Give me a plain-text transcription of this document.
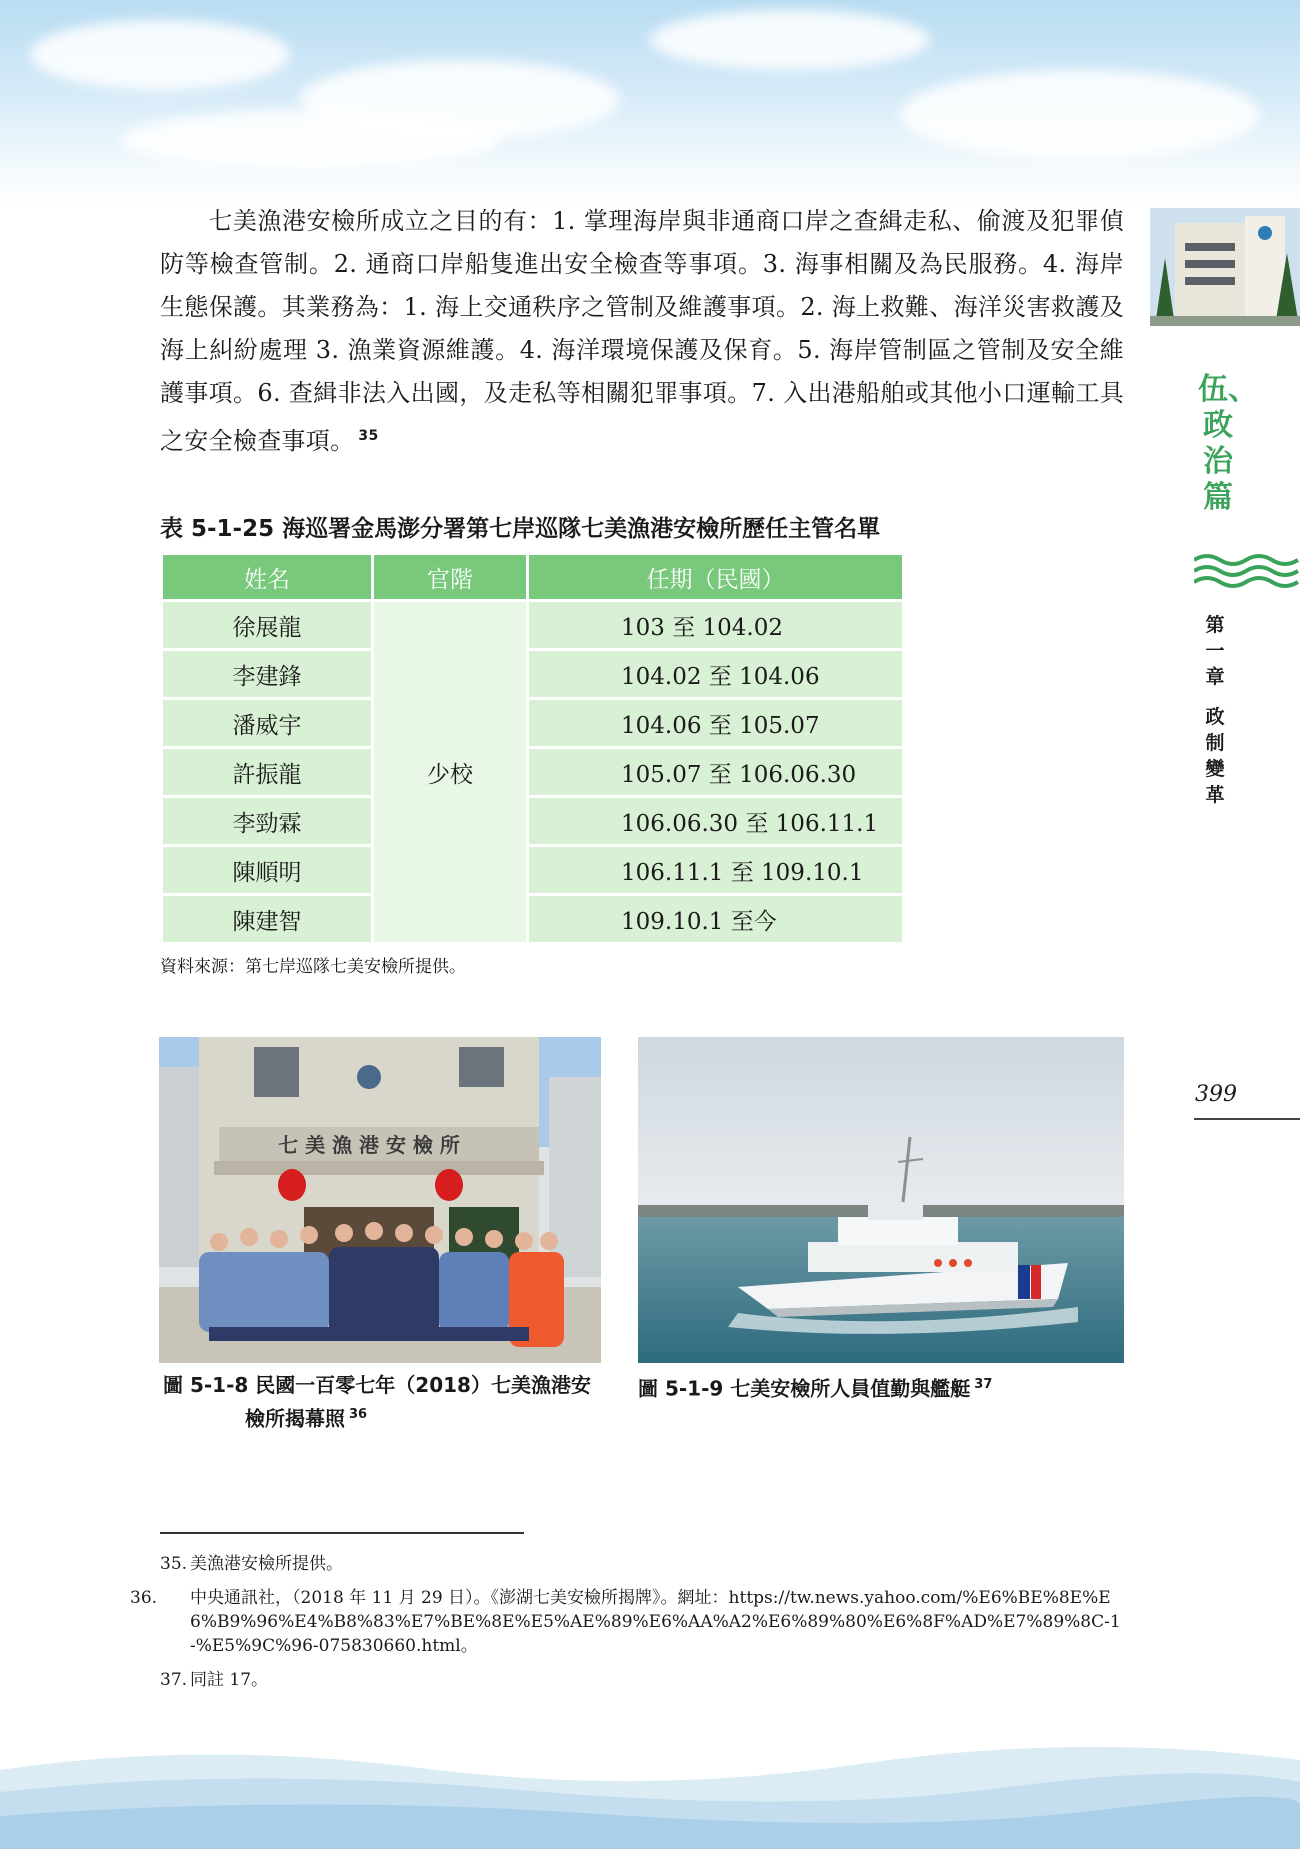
七美漁港安檢所成立之目的有：1. 掌理海岸與非通商口岸之查緝走私、偷渡及犯罪偵防等檢查管制。2. 通商口岸船隻進出安全檢查等事項。3. 海事相關及為民服務。4. 海岸生態保護。其業務為：1. 海上交通秩序之管制及維護事項。2. 海上救難、海洋災害救護及海上糾紛處理 3. 漁業資源維護。4. 海洋環境保護及保育。5. 海岸管制區之管制及安全維護事項。6. 查緝非法入出國，及走私等相關犯罪事項。7. 入出港船舶或其他小口運輸工具之安全檢查事項。 $^{35}$
表 5-1-25 海巡署金馬澎分署第七岸巡隊七美漁港安檢所歷任主管名單
姓名	官階	任期（民國）
徐展龍	少校	103 至 104.02
李建鋒		104.02 至 104.06
潘威宇		104.06 至 105.07
許振龍		105.07 至 106.06.30
李勁霖		106.06.30 至 106.11.1
陳順明		106.11.1 至 109.10.1
陳建智		109.10.1 至今
資料來源：第七岸巡隊七美安檢所提供。
七 美 漁 港 安 檢 所
圖 5-1-8 民國一百零七年（2018）七美漁港安
檢所揭幕照 $^{36}$
圖 5-1-9 七美安檢所人員值勤與艦艇 $^{37}$
35. 美漁港安檢所提供。
36. 中央通訊社，（2018 年 11 月 29 日）。《澎湖七美安檢所揭牌》。網址：https://tw.news.yahoo.com/%E6%BE%8E%E6%B9%96%E4%B8%83%E7%BE%8E%E5%AE%89%E6%AA%A2%E6%89%80%E6%8F%AD%E7%89%8C-1-%E5%9C%96-075830660.html。
37. 同註 17。
伍、政治篇
第
一
章
政
制
變
革
399
